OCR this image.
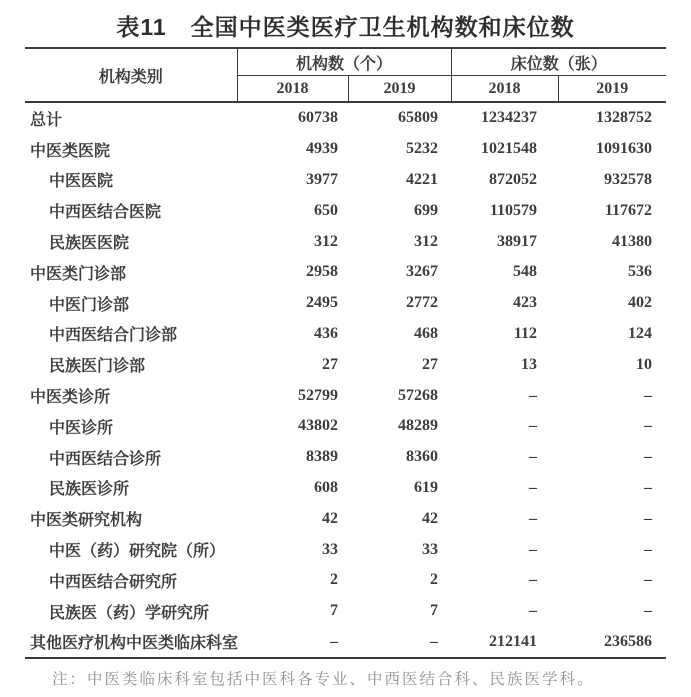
表11　全国中医类医疗卫生机构数和床位数
机构类别	机构数（个）		床位数（张）	
	2018	2019	2018	2019
总计	60738	65809	1234237	1328752
中医类医院	4939	5232	1021548	1091630
中医医院	3977	4221	872052	932578
中西医结合医院	650	699	110579	117672
民族医医院	312	312	38917	41380
中医类门诊部	2958	3267	548	536
中医门诊部	2495	2772	423	402
中西医结合门诊部	436	468	112	124
民族医门诊部	27	27	13	10
中医类诊所	52799	57268	–	–
中医诊所	43802	48289	–	–
中西医结合诊所	8389	8360	–	–
民族医诊所	608	619	–	–
中医类研究机构	42	42	–	–
中医（药）研究院（所）	33	33	–	–
中西医结合研究所	2	2	–	–
民族医（药）学研究所	7	7	–	–
其他医疗机构中医类临床科室	–	–	212141	236586
注：中医类临床科室包括中医科各专业、中西医结合科、民族医学科。
